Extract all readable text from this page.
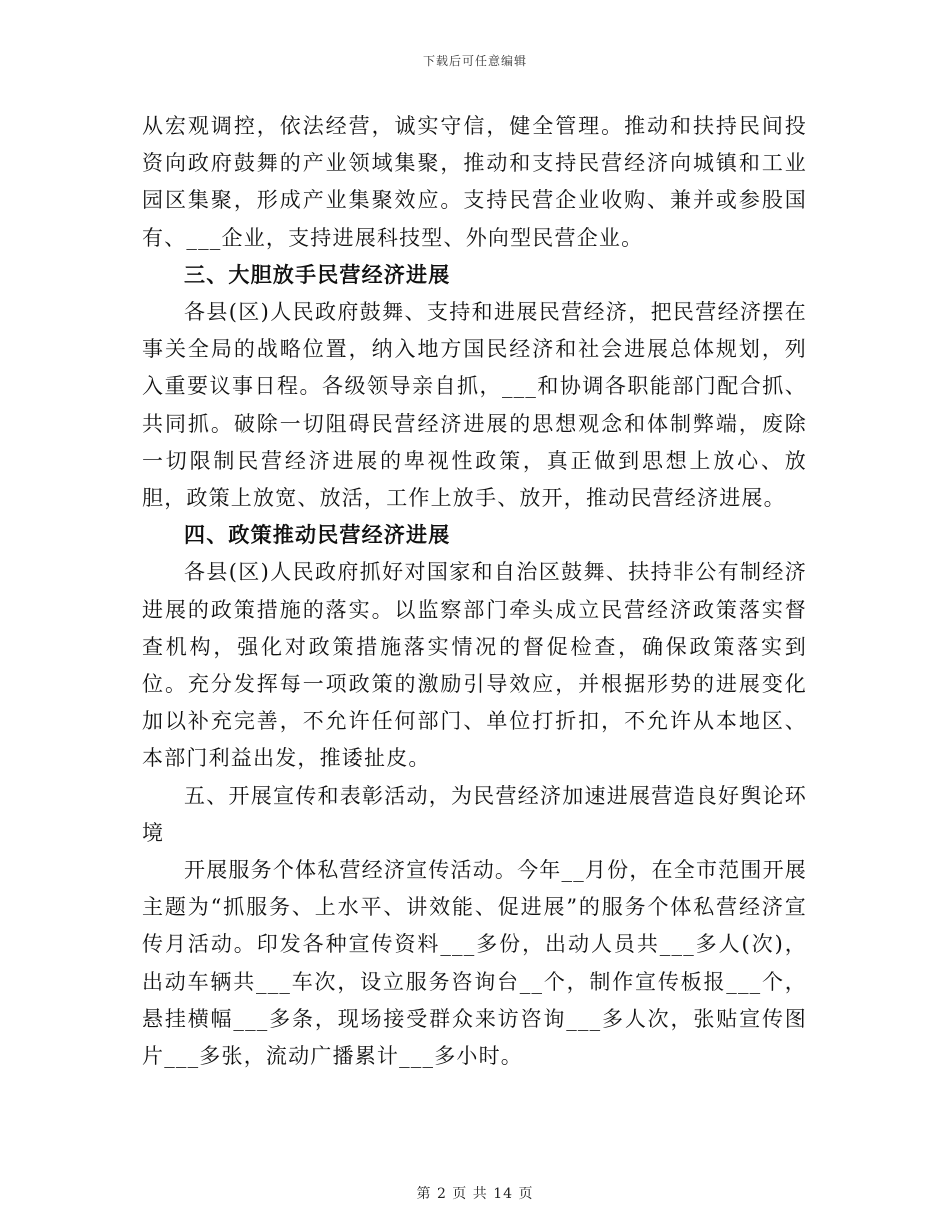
下载后可任意编辑

从宏观调控，依法经营，诚实守信，健全管理。推动和扶持民间投资向政府鼓舞的产业领域集聚，推动和支持民营经济向城镇和工业园区集聚，形成产业集聚效应。支持民营企业收购、兼并或参股国有、___企业，支持进展科技型、外向型民营企业。

三、大胆放手民营经济进展

各县(区)人民政府鼓舞、支持和进展民营经济，把民营经济摆在事关全局的战略位置，纳入地方国民经济和社会进展总体规划，列入重要议事日程。各级领导亲自抓，___和协调各职能部门配合抓、共同抓。破除一切阻碍民营经济进展的思想观念和体制弊端，废除一切限制民营经济进展的卑视性政策，真正做到思想上放心、放胆，政策上放宽、放活，工作上放手、放开，推动民营经济进展。

四、政策推动民营经济进展

各县(区)人民政府抓好对国家和自治区鼓舞、扶持非公有制经济进展的政策措施的落实。以监察部门牵头成立民营经济政策落实督查机构，强化对政策措施落实情况的督促检查，确保政策落实到位。充分发挥每一项政策的激励引导效应，并根据形势的进展变化加以补充完善，不允许任何部门、单位打折扣，不允许从本地区、本部门利益出发，推诿扯皮。

五、开展宣传和表彰活动，为民营经济加速进展营造良好舆论环境

开展服务个体私营经济宣传活动。今年__月份，在全市范围开展主题为“抓服务、上水平、讲效能、促进展”的服务个体私营经济宣传月活动。印发各种宣传资料___多份，出动人员共___多人(次)，出动车辆共___车次，设立服务咨询台__个，制作宣传板报___个，悬挂横幅___多条，现场接受群众来访咨询___多人次，张贴宣传图片___多张，流动广播累计___多小时。

第 2 页 共 14 页
